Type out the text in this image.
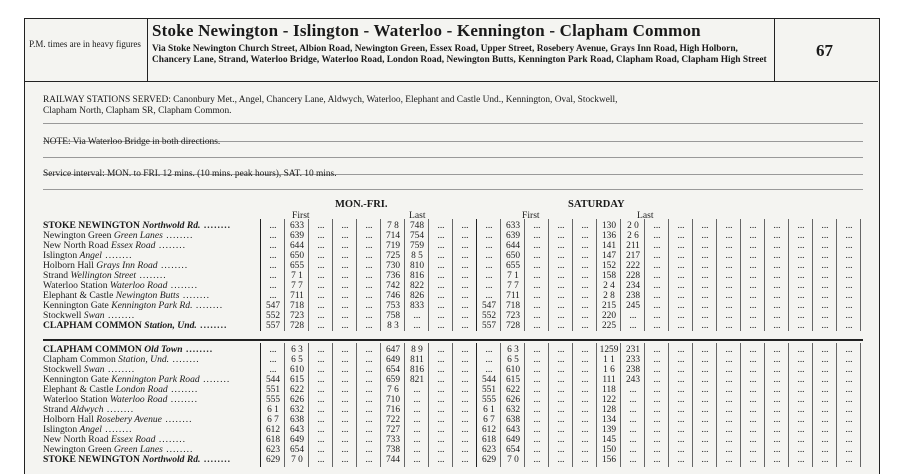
P.M. times are in heavy figures
Stoke Newington - Islington - Waterloo - Kennington - Clapham Common
Via Stoke Newington Church Street, Albion Road, Newington Green, Essex Road, Upper Street, Rosebery Avenue, Grays Inn Road, High Holborn, Chancery Lane, Strand, Waterloo Bridge, Waterloo Road, London Road, Newington Butts, Kennington Park Road, Clapham Road, Clapham High Street	67
RAILWAY STATIONS SERVED: Canonbury Met., Angel, Chancery Lane, Aldwych, Waterloo, Elephant and Castle Und., Kennington, Oval, Stockwell,
Clapham North, Clapham SR, Clapham Common.
NOTE: Via Waterloo Bridge in both directions.
Service interval: MON. to FRI. 12 mins. (10 mins. peak hours), SAT. 10 mins.
MON.-FRI.	SATURDAY
First	Last	First	Last
STOKE NEWINGTON Northwold Rd. ........	...	633	...	...	...	7 8	748	...	...	...	633	...	...	...	130	2 0	...	...	...	...	...	...	...	...	...
Newington Green Green Lanes ........	...	639	...	...	...	714	754	...	...	...	639	...	...	...	136	2 6	...	...	...	...	...	...	...	...	...
New North Road Essex Road ........	...	644	...	...	...	719	759	...	...	...	644	...	...	...	141	211	...	...	...	...	...	...	...	...	...
Islington Angel ........	...	650	...	...	...	725	8 5	...	...	...	650	...	...	...	147	217	...	...	...	...	...	...	...	...	...
Holborn Hall Grays Inn Road ........	...	655	...	...	...	730	810	...	...	...	655	...	...	...	152	222	...	...	...	...	...	...	...	...	...
Strand Wellington Street ........	...	7 1	...	...	...	736	816	...	...	...	7 1	...	...	...	158	228	...	...	...	...	...	...	...	...	...
Waterloo Station Waterloo Road ........	...	7 7	...	...	...	742	822	...	...	...	7 7	...	...	...	2 4	234	...	...	...	...	...	...	...	...	...
Elephant & Castle Newington Butts ........	...	711	...	...	...	746	826	...	...	...	711	...	...	...	2 8	238	...	...	...	...	...	...	...	...	...
Kennington Gate Kennington Park Rd. ........	547	718	...	...	...	753	833	...	...	547	718	...	...	...	215	245	...	...	...	...	...	...	...	...	...
Stockwell Swan ........	552	723	...	...	...	758	...	...	...	552	723	...	...	...	220	...	...	...	...	...	...	...	...	...	...
CLAPHAM COMMON Station, Und. ........	557	728	...	...	...	8 3	...	...	...	557	728	...	...	...	225	...	...	...	...	...	...	...	...	...	...
CLAPHAM COMMON Old Town ........	...	6 3	...	...	...	647	8 9	...	...	...	6 3	...	...	...	1259 231	...	...	...	...	...	...	...	...	...
Clapham Common Station, Und. ........	...	6 5	...	...	...	649	811	...	...	...	6 5	...	...	...	1 1	233	...	...	...	...	...	...	...	...	...
Stockwell Swan ........	...	610	...	...	...	654	816	...	...	...	610	...	...	...	1 6	238	...	...	...	...	...	...	...	...	...
Kennington Gate Kennington Park Road ........	544	615	...	...	...	659	821	...	...	544	615	...	...	...	111	243	...	...	...	...	...	...	...	...	...
Elephant & Castle London Road ........	551	622	...	...	...	7 6	...	...	...	551	622	...	...	...	118	...	...	...	...	...	...	...	...	...	...
Waterloo Station Waterloo Road ........	555	626	...	...	...	710	...	...	...	555	626	...	...	...	122	...	...	...	...	...	...	...	...	...	...
Strand Aldwych ........	6 1	632	...	...	...	716	...	...	...	6 1	632	...	...	...	128	...	...	...	...	...	...	...	...	...	...
Holborn Hall Rosebery Avenue ........	6 7	638	...	...	...	722	...	...	...	6 7	638	...	...	...	134	...	...	...	...	...	...	...	...	...	...
Islington Angel ........	612	643	...	...	...	727	...	...	...	612	643	...	...	...	139	...	...	...	...	...	...	...	...	...	...
New North Road Essex Road ........	618	649	...	...	...	733	...	...	...	618	649	...	...	...	145	...	...	...	...	...	...	...	...	...	...
Newington Green Green Lanes ........	623	654	...	...	...	738	...	...	...	623	654	...	...	...	150	...	...	...	...	...	...	...	...	...	...
STOKE NEWINGTON Northwold Rd. ........	629	7 0	...	...	...	744	...	...	...	629	7 0	...	...	...	156	...	...	...	...	...	...	...	...	...	...
